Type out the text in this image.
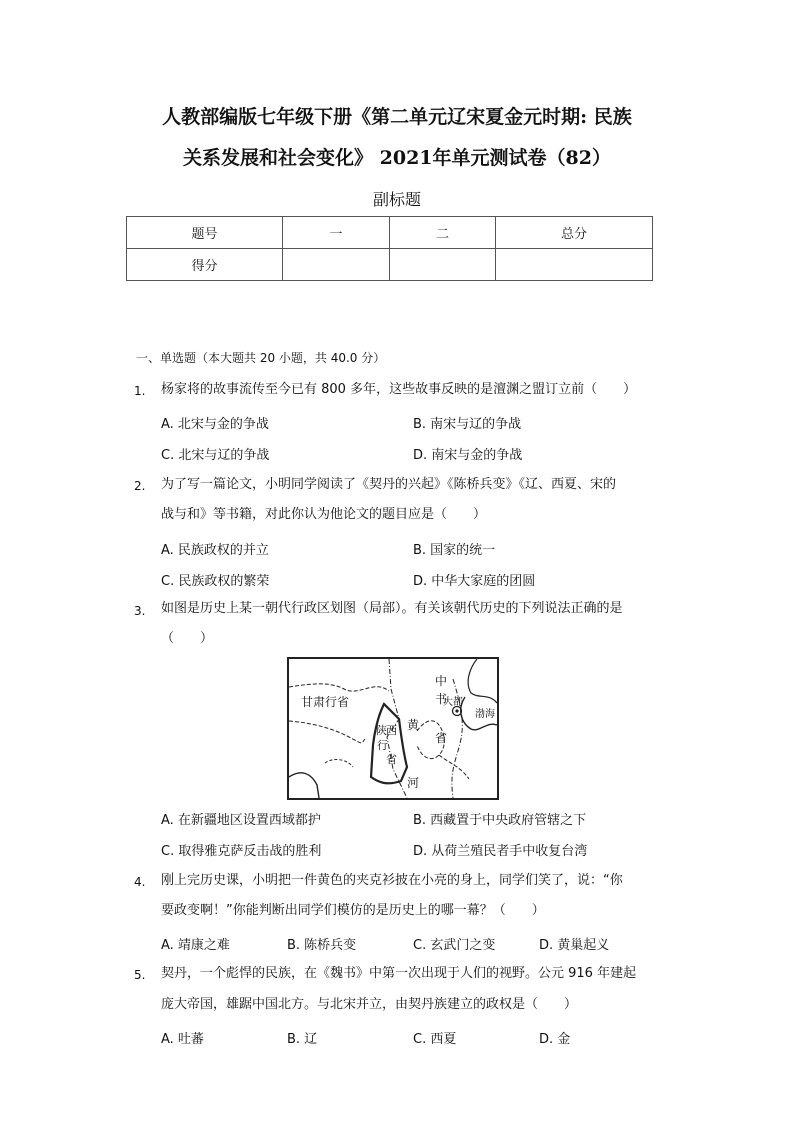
人教部编版七年级下册《第二单元辽宋夏金元时期: 民族
关系发展和社会变化》 2021年单元测试卷（82）
副标题
题号	一	二	总分
得分			
一、单选题（本大题共 20 小题，共 40.0 分）
1. 杨家将的故事流传至今已有 800 多年，这些故事反映的是澶渊之盟订立前（　　）
A. 北宋与金的争战	B. 南宋与辽的争战
C. 北宋与辽的争战	D. 南宋与金的争战
2. 为了写一篇论文，小明同学阅读了《契丹的兴起》《陈桥兵变》《辽、西夏、宋的
战与和》等书籍，对此你认为他论文的题目应是（　　）
A. 民族政权的并立	B. 国家的统一
C. 民族政权的繁荣	D. 中华大家庭的团圆
3. 如图是历史上某一朝代行政区划图（局部）。有关该朝代历史的下列说法正确的是
（　　）
甘肃行省
中
书
省
大都
黄
河
渤海
陕 西
行
省
A. 在新疆地区设置西域都护	B. 西藏置于中央政府管辖之下
C. 取得雅克萨反击战的胜利	D. 从荷兰殖民者手中收复台湾
4. 刚上完历史课，小明把一件黄色的夹克衫披在小亮的身上，同学们笑了，说：“你
要政变啊！”你能判断出同学们模仿的是历史上的哪一幕？（　　）
A. 靖康之难	B. 陈桥兵变	C. 玄武门之变	D. 黄巢起义
5. 契丹，一个彪悍的民族，在《魏书》中第一次出现于人们的视野。公元 916 年建起
庞大帝国，雄踞中国北方。与北宋并立，由契丹族建立的政权是（　　）
A. 吐蕃	B. 辽	C. 西夏	D. 金
